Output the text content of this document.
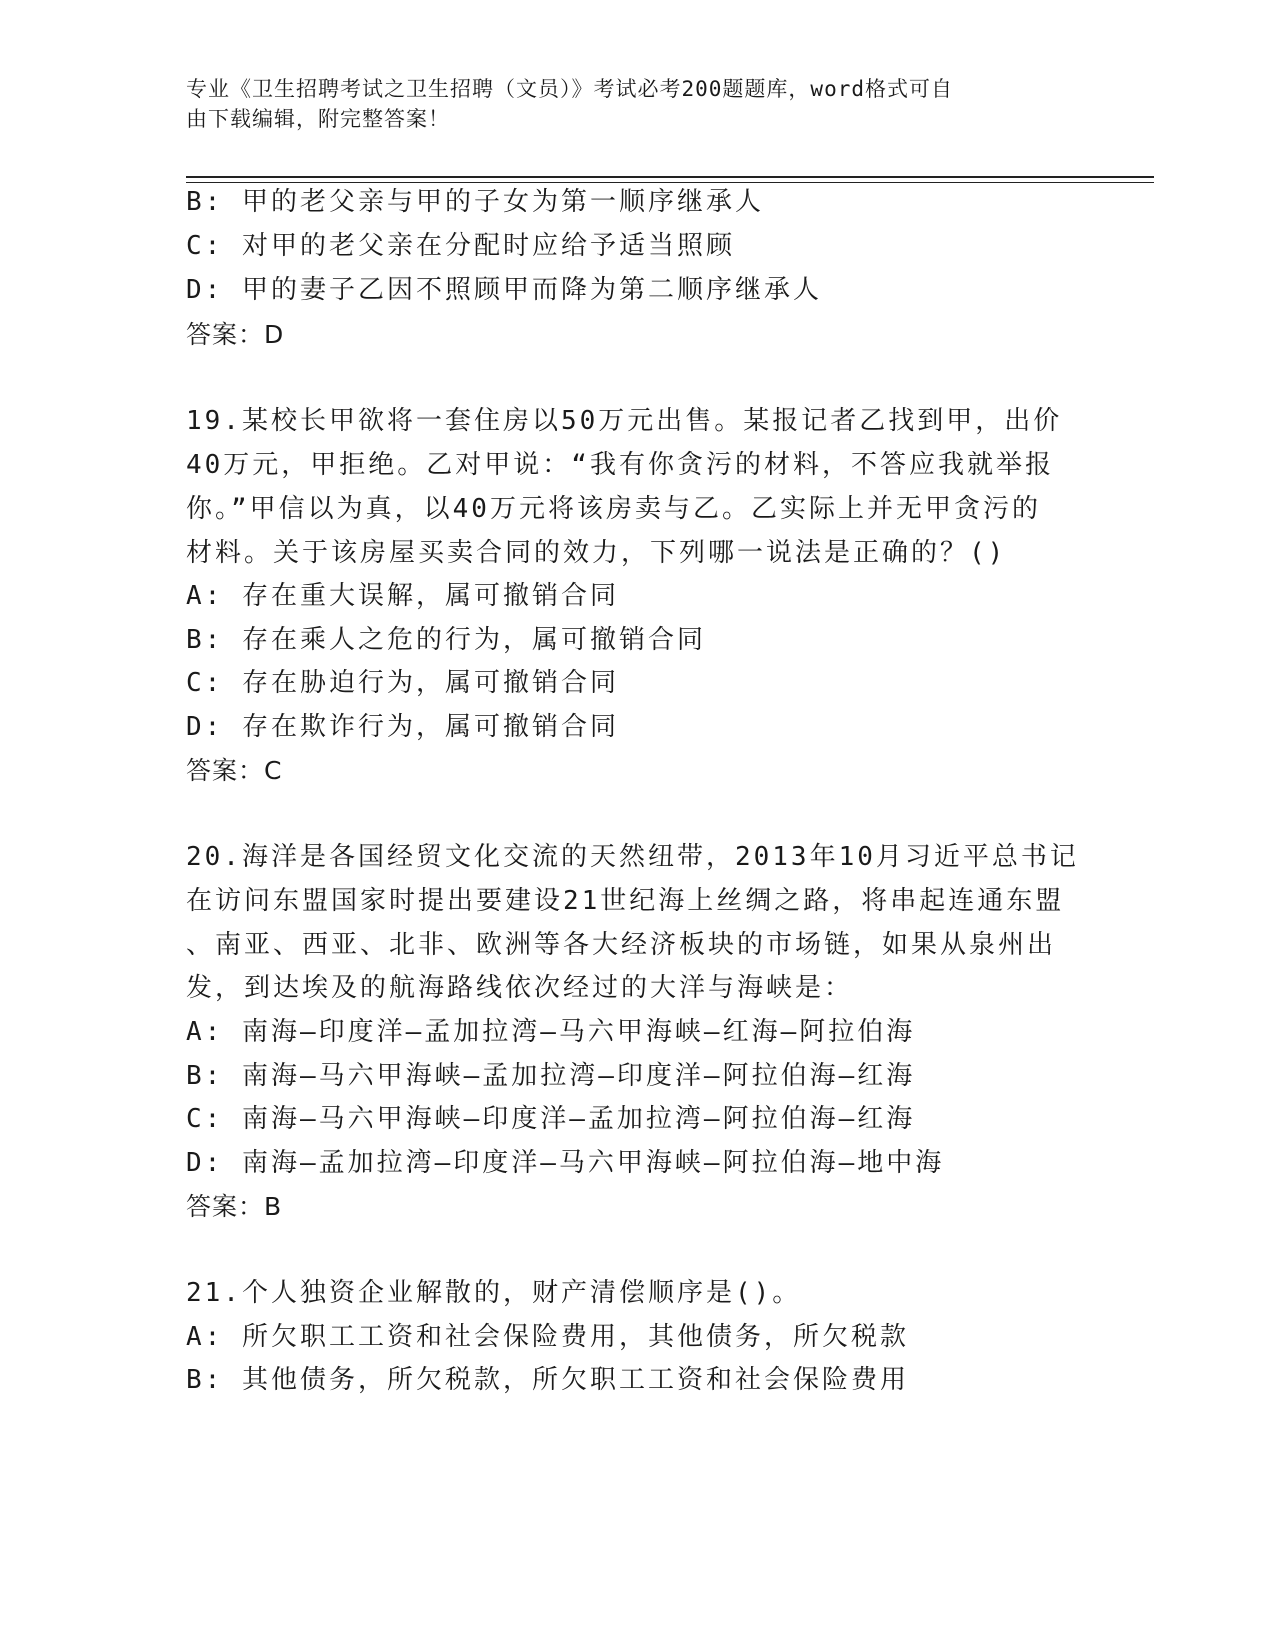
专业《卫生招聘考试之卫生招聘（文员）》考试必考200题题库，word格式可自
由下载编辑，附完整答案！
B: 甲的老父亲与甲的子女为第一顺序继承人
C: 对甲的老父亲在分配时应给予适当照顾
D: 甲的妻子乙因不照顾甲而降为第二顺序继承人
答案：D
19.某校长甲欲将一套住房以50万元出售。某报记者乙找到甲，出价
40万元，甲拒绝。乙对甲说：“我有你贪污的材料，不答应我就举报
你。”甲信以为真，以40万元将该房卖与乙。乙实际上并无甲贪污的
材料。关于该房屋买卖合同的效力，下列哪一说法是正确的？()
A: 存在重大误解，属可撤销合同
B: 存在乘人之危的行为，属可撤销合同
C: 存在胁迫行为，属可撤销合同
D: 存在欺诈行为，属可撤销合同
答案：C
20.海洋是各国经贸文化交流的天然纽带，2013年10月习近平总书记
在访问东盟国家时提出要建设21世纪海上丝绸之路，将串起连通东盟
、南亚、西亚、北非、欧洲等各大经济板块的市场链，如果从泉州出
发，到达埃及的航海路线依次经过的大洋与海峡是：
A: 南海—印度洋—孟加拉湾—马六甲海峡—红海—阿拉伯海
B: 南海—马六甲海峡—孟加拉湾—印度洋—阿拉伯海—红海
C: 南海—马六甲海峡—印度洋—孟加拉湾—阿拉伯海—红海
D: 南海—孟加拉湾—印度洋—马六甲海峡—阿拉伯海—地中海
答案：B
21.个人独资企业解散的，财产清偿顺序是()。
A: 所欠职工工资和社会保险费用，其他债务，所欠税款
B: 其他债务，所欠税款，所欠职工工资和社会保险费用
